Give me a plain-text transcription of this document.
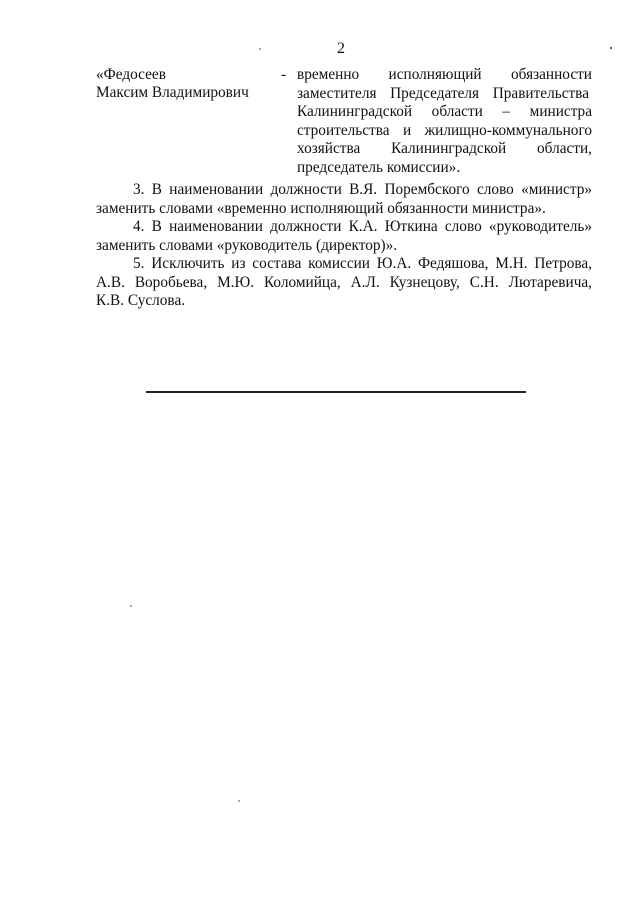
2
«Федосеев
Максим Владимирович
- временно исполняющий обязанности
заместителя Председателя Правительства
Калининградской области – министра
строительства и жилищно-коммунального
хозяйства Калининградской области,
председатель комиссии».
3. В наименовании должности В.Я. Порембского слово «министр»
заменить словами «временно исполняющий обязанности министра».
4. В наименовании должности К.А. Юткина слово «руководитель»
заменить словами «руководитель (директор)».
5. Исключить из состава комиссии Ю.А. Федяшова, М.Н. Петрова,
А.В. Воробьева, М.Ю. Коломийца, А.Л. Кузнецову, С.Н. Лютаревича,
К.В. Суслова.
